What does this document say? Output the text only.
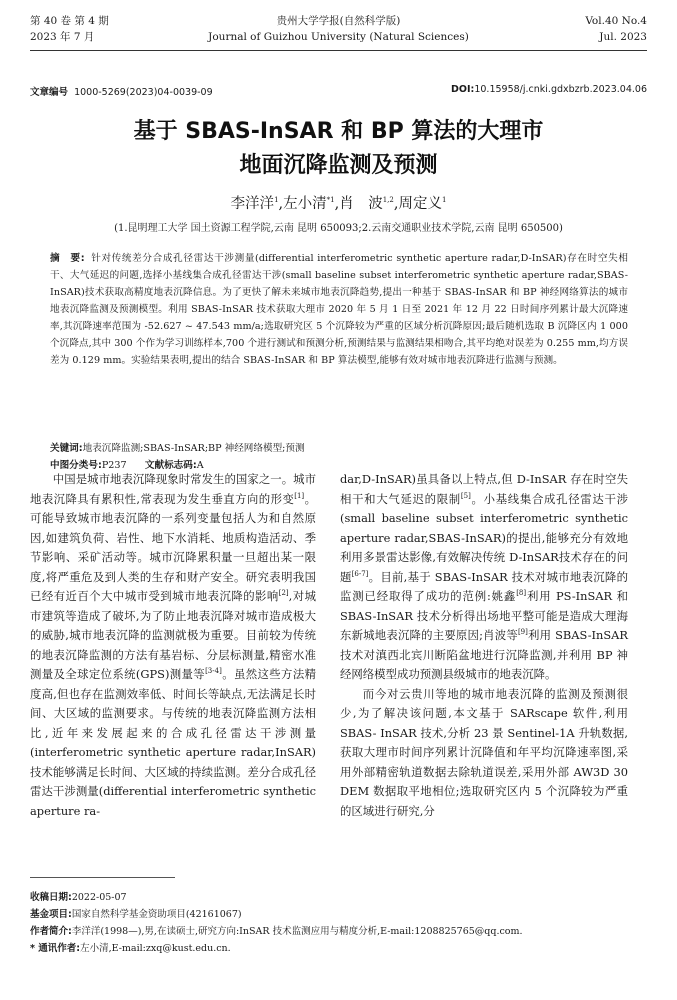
第 40 卷 第 4 期
2023 年 7 月
贵州大学学报(自然科学版)
Journal of Guizhou University (Natural Sciences)
Vol.40 No.4
Jul. 2023
文章编号 1000-5269(2023)04-0039-09	DOI:10.15958/j.cnki.gdxbzrb.2023.04.06
基于 SBAS-InSAR 和 BP 算法的大理市
地面沉降监测及预测
李洋洋$^1$,左小清$^{*1}$,肖　波$^{1,2}$,周定义$^1$
(1.昆明理工大学 国土资源工程学院,云南 昆明 650093;2.云南交通职业技术学院,云南 昆明 650500)
摘　要: 针对传统差分合成孔径雷达干涉测量(differential interferometric synthetic aperture radar,D-InSAR)存在时空失相干、大气延迟的问题,选择小基线集合成孔径雷达干涉(small baseline subset interferometric synthetic aperture radar,SBAS-InSAR)技术获取高精度地表沉降信息。为了更快了解未来城市地表沉降趋势,提出一种基于 SBAS-InSAR 和 BP 神经网络算法的城市地表沉降监测及预测模型。利用 SBAS-InSAR 技术获取大理市 2020 年 5 月 1 日至 2021 年 12 月 22 日时间序列累计最大沉降速率,其沉降速率范围为 -52.627 ~ 47.543 mm/a;选取研究区 5 个沉降较为严重的区域分析沉降原因;最后随机选取 B 沉降区内 1 000 个沉降点,其中 300 个作为学习训练样本,700 个进行测试和预测分析,预测结果与监测结果相吻合,其平均绝对误差为 0.255 mm,均方误差为 0.129 mm。实验结果表明,提出的结合 SBAS-InSAR 和 BP 算法模型,能够有效对城市地表沉降进行监测与预测。
关键词:地表沉降监测;SBAS-InSAR;BP 神经网络模型;预测
中图分类号:P237 文献标志码:A

中国是城市地表沉降现象时常发生的国家之一。城市地表沉降具有累积性,常表现为发生垂直方向的形变[1]。可能导致城市地表沉降的一系列变量包括人为和自然原因,如建筑负荷、岩性、地下水消耗、地质构造活动、季节影响、采矿活动等。城市沉降累积量一旦超出某一限度,将严重危及到人类的生存和财产安全。研究表明我国已经有近百个大中城市受到城市地表沉降的影响[2],对城市建筑等造成了破坏,为了防止地表沉降对城市造成极大的威胁,城市地表沉降的监测就极为重要。目前较为传统的地表沉降监测的方法有基岩标、分层标测量,精密水准测量及全球定位系统(GPS)测量等[3-4]。虽然这些方法精度高,但也存在监测效率低、时间长等缺点,无法满足长时间、大区域的监测要求。与传统的地表沉降监测方法相比,近年来发展起来的合成孔径雷达干涉测量(interferometric synthetic aperture radar,InSAR)技术能够满足长时间、大区域的持续监测。差分合成孔径雷达干涉测量(differential interferometric synthetic aperture ra-

dar,D-InSAR)虽具备以上特点,但 D-InSAR 存在时空失相干和大气延迟的限制[5]。小基线集合成孔径雷达干涉(small baseline subset interferometric synthetic aperture radar,SBAS-InSAR)的提出,能够充分有效地利用多景雷达影像,有效解决传统 D-InSAR技术存在的问题[6-7]。目前,基于 SBAS-InSAR 技术对城市地表沉降的监测已经取得了成功的范例:姚鑫[8]利用 PS-InSAR 和 SBAS-InSAR 技术分析得出场地平整可能是造成大理海东新城地表沉降的主要原因;肖波等[9]利用 SBAS-InSAR 技术对滇西北宾川断陷盆地进行沉降监测,并利用 BP 神经网络模型成功预测县级城市的地表沉降。

而今对云贵川等地的城市地表沉降的监测及预测很少,为了解决该问题,本文基于 SARscape 软件,利用 SBAS- InSAR 技术,分析 23 景 Sentinel-1A 升轨数据,获取大理市时间序列累计沉降值和年平均沉降速率图,采用外部精密轨道数据去除轨道误差,采用外部 AW3D 30 DEM 数据取平地相位;选取研究区内 5 个沉降较为严重的区域进行研究,分

收稿日期:2022-05-07
基金项目:国家自然科学基金资助项目(42161067)
作者简介:李洋洋(1998—),男,在读硕士,研究方向:InSAR 技术监测应用与精度分析,E-mail:1208825765@qq.com.
* 通讯作者:左小清,E-mail:zxq@kust.edu.cn.
